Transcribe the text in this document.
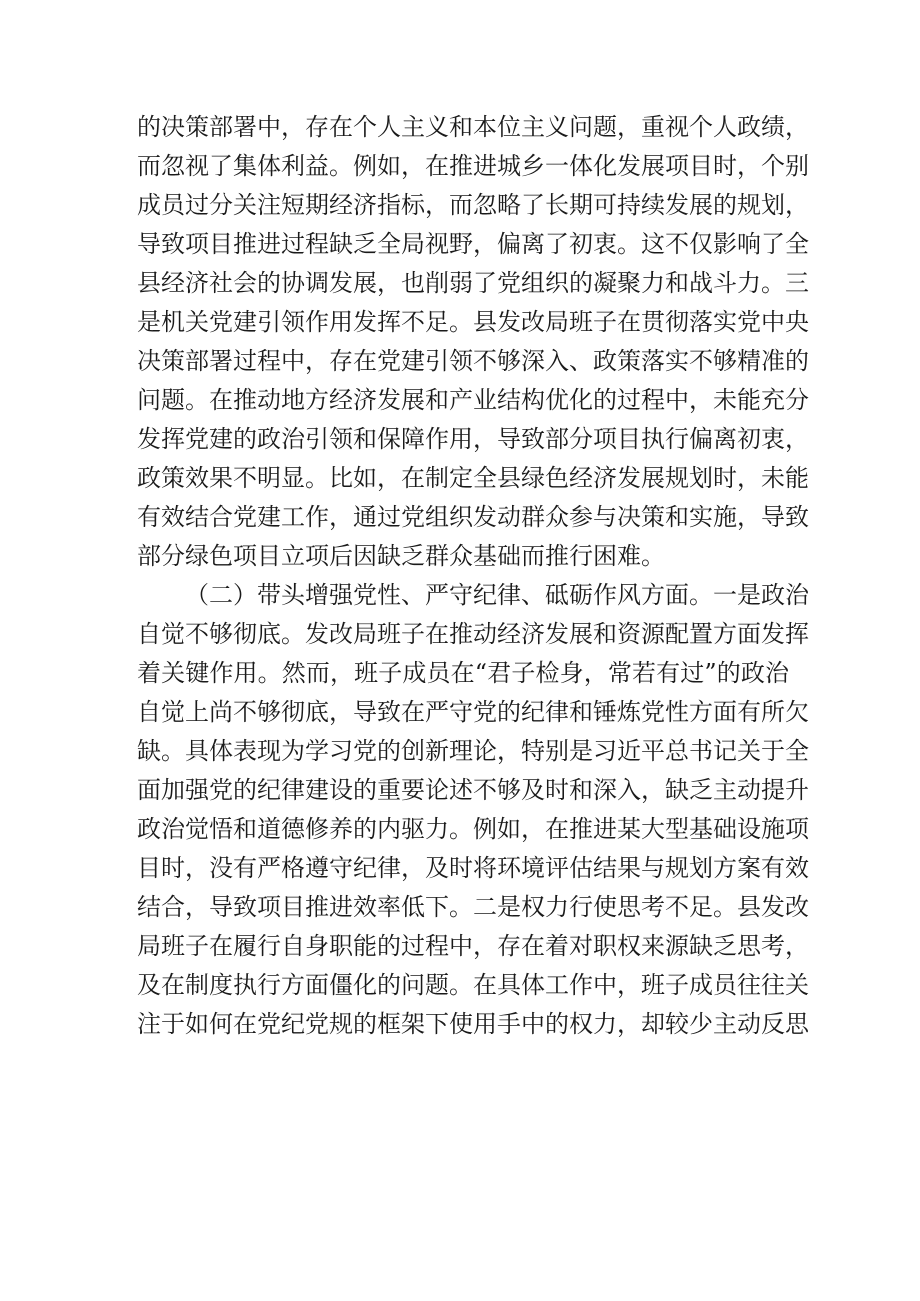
的决策部署中，存在个人主义和本位主义问题，重视个人政绩，
而忽视了集体利益。例如，在推进城乡一体化发展项目时，个别
成员过分关注短期经济指标，而忽略了长期可持续发展的规划，
导致项目推进过程缺乏全局视野，偏离了初衷。这不仅影响了全
县经济社会的协调发展，也削弱了党组织的凝聚力和战斗力。三
是机关党建引领作用发挥不足。县发改局班子在贯彻落实党中央
决策部署过程中，存在党建引领不够深入、政策落实不够精准的
问题。在推动地方经济发展和产业结构优化的过程中，未能充分
发挥党建的政治引领和保障作用，导致部分项目执行偏离初衷，
政策效果不明显。比如，在制定全县绿色经济发展规划时，未能
有效结合党建工作，通过党组织发动群众参与决策和实施，导致
部分绿色项目立项后因缺乏群众基础而推行困难。
（二）带头增强党性、严守纪律、砥砺作风方面。一是政治
自觉不够彻底。发改局班子在推动经济发展和资源配置方面发挥
着关键作用。然而，班子成员在“君子检身，常若有过”的政治
自觉上尚不够彻底，导致在严守党的纪律和锤炼党性方面有所欠
缺。具体表现为学习党的创新理论，特别是习近平总书记关于全
面加强党的纪律建设的重要论述不够及时和深入，缺乏主动提升
政治觉悟和道德修养的内驱力。例如，在推进某大型基础设施项
目时，没有严格遵守纪律，及时将环境评估结果与规划方案有效
结合，导致项目推进效率低下。二是权力行使思考不足。县发改
局班子在履行自身职能的过程中，存在着对职权来源缺乏思考，
及在制度执行方面僵化的问题。在具体工作中，班子成员往往关
注于如何在党纪党规的框架下使用手中的权力，却较少主动反思
